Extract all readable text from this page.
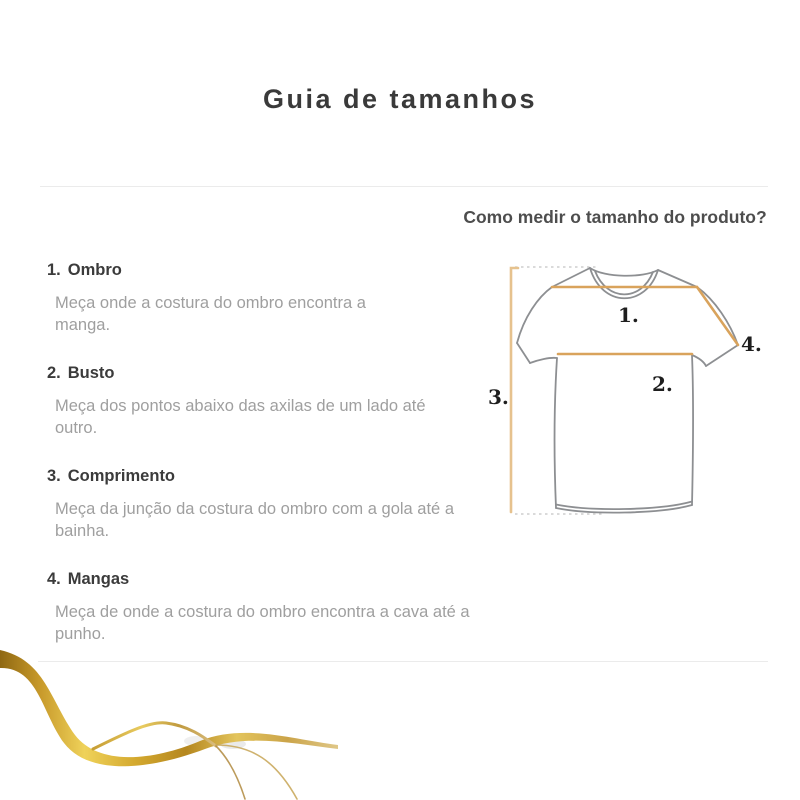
Guia de tamanhos
Como medir o tamanho do produto?
1. Ombro
Meça onde a costura do ombro encontra a
manga.
2. Busto
Meça dos pontos abaixo das axilas de um lado até
outro.
3. Comprimento
Meça da junção da costura do ombro com a gola até a
bainha.
4. Mangas
Meça de onde a costura do ombro encontra a cava até a
punho.
1.
2.
3.
4.
